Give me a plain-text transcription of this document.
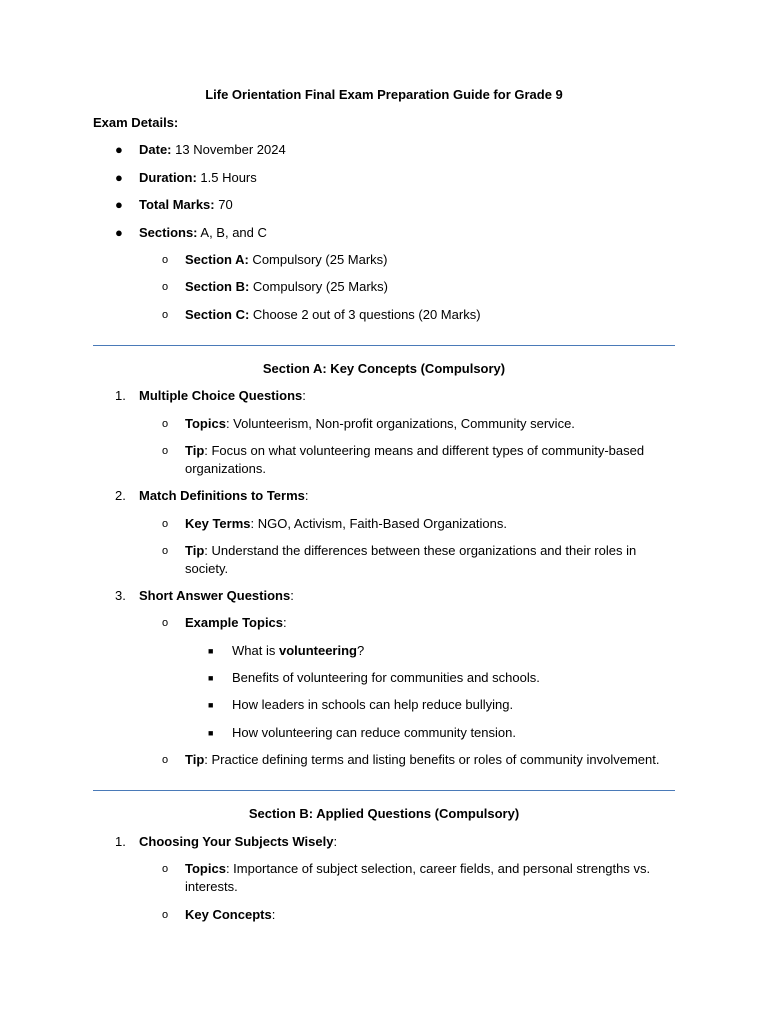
Life Orientation Final Exam Preparation Guide for Grade 9
Exam Details:
● Date: 13 November 2024
● Duration: 1.5 Hours
● Total Marks: 70
● Sections: A, B, and C
o Section A: Compulsory (25 Marks)
o Section B: Compulsory (25 Marks)
o Section C: Choose 2 out of 3 questions (20 Marks)
Section A: Key Concepts (Compulsory)
1. Multiple Choice Questions:
o Topics: Volunteerism, Non-profit organizations, Community service.
o Tip: Focus on what volunteering means and different types of community-based
organizations.
2. Match Definitions to Terms:
o Key Terms: NGO, Activism, Faith-Based Organizations.
o Tip: Understand the differences between these organizations and their roles in
society.
3. Short Answer Questions:
o Example Topics:
■ What is volunteering?
■ Benefits of volunteering for communities and schools.
■ How leaders in schools can help reduce bullying.
■ How volunteering can reduce community tension.
o Tip: Practice defining terms and listing benefits or roles of community involvement.
Section B: Applied Questions (Compulsory)
1. Choosing Your Subjects Wisely:
o Topics: Importance of subject selection, career fields, and personal strengths vs.
interests.
o Key Concepts:
